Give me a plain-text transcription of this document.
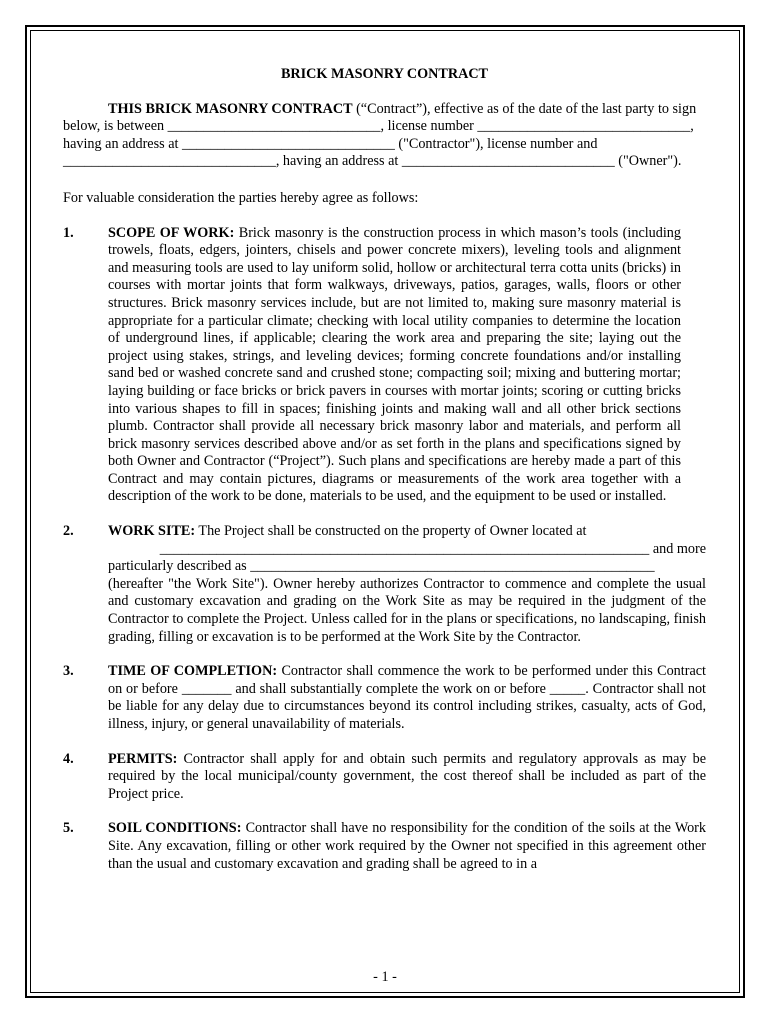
BRICK MASONRY CONTRACT

THIS BRICK MASONRY CONTRACT (“Contract”), effective as of the date of the last party to sign below, is between ______________________________, license number ______________________________, having an address at ______________________________ ("Contractor"), license number and ______________________________, having an address at ______________________________ ("Owner").

For valuable consideration the parties hereby agree as follows:

1. SCOPE OF WORK: Brick masonry is the construction process in which mason’s tools (including trowels, floats, edgers, jointers, chisels and power concrete mixers), leveling tools and alignment and measuring tools are used to lay uniform solid, hollow or architectural terra cotta units (bricks) in courses with mortar joints that form walkways, driveways, patios, garages, walls, floors or other structures. Brick masonry services include, but are not limited to, making sure masonry material is appropriate for a particular climate; checking with local utility companies to determine the location of underground lines, if applicable; clearing the work area and preparing the site; laying out the project using stakes, strings, and leveling devices; forming concrete foundations and/or installing sand bed or washed concrete sand and crushed stone; compacting soil; mixing and buttering mortar; laying building or face bricks or brick pavers in courses with mortar joints; scoring or cutting bricks into various shapes to fill in spaces; finishing joints and making wall and all other brick sections plumb. Contractor shall provide all necessary brick masonry labor and materials, and perform all brick masonry services described above and/or as set forth in the plans and specifications signed by both Owner and Contractor (“Project”). Such plans and specifications are hereby made a part of this Contract and may contain pictures, diagrams or measurements of the work area together with a description of the work to be done, materials to be used, and the equipment to be used or installed.
2. WORK SITE: The Project shall be constructed on the property of Owner located at
_____________________________________________________________________ and more
particularly described as _________________________________________________________
(hereafter "the Work Site"). Owner hereby authorizes Contractor to commence and complete the usual and customary excavation and grading on the Work Site as may be required in the judgment of the Contractor to complete the Project. Unless called for in the plans or specifications, no landscaping, finish grading, filling or excavation is to be performed at the Work Site by the Contractor.
3. TIME OF COMPLETION: Contractor shall commence the work to be performed under this Contract on or before _______ and shall substantially complete the work on or before _____. Contractor shall not be liable for any delay due to circumstances beyond its control including strikes, casualty, acts of God, illness, injury, or general unavailability of materials.
4. PERMITS: Contractor shall apply for and obtain such permits and regulatory approvals as may be required by the local municipal/county government, the cost thereof shall be included as part of the Project price.
5. SOIL CONDITIONS: Contractor shall have no responsibility for the condition of the soils at the Work Site. Any excavation, filling or other work required by the Owner not specified in this agreement other than the usual and customary excavation and grading shall be agreed to in a
- 1 -
